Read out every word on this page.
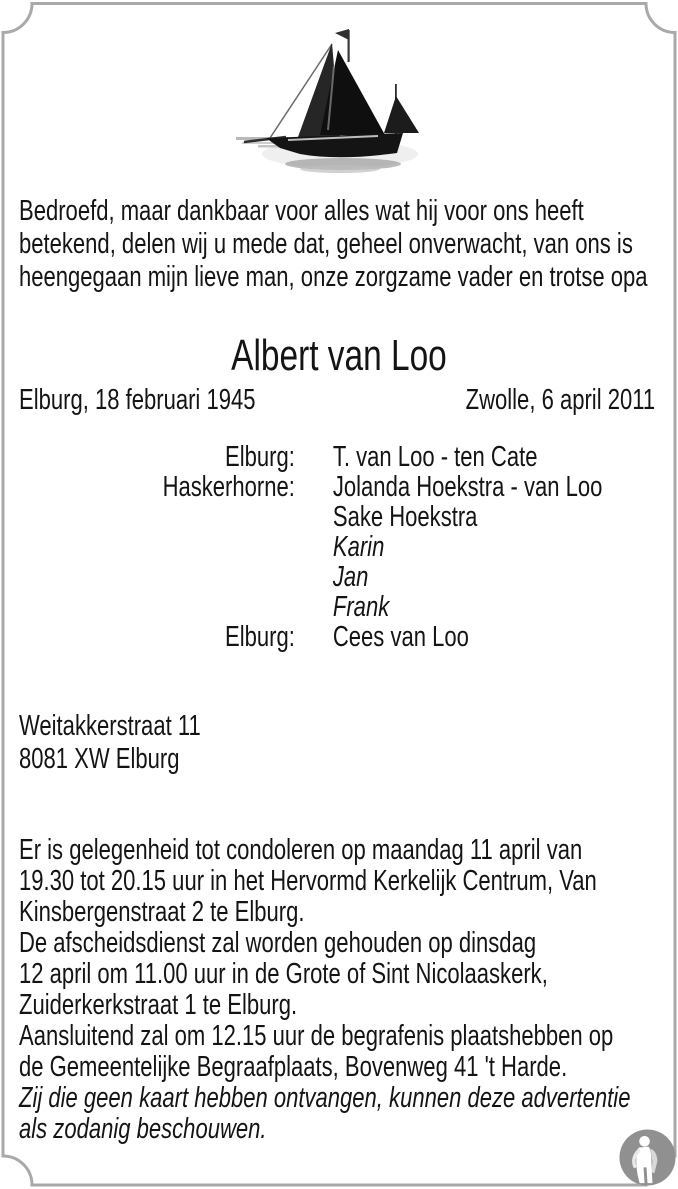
Bedroefd, maar dankbaar voor alles wat hij voor ons heeft
betekend, delen wij u mede dat, geheel onverwacht, van ons is
heengegaan mijn lieve man, onze zorgzame vader en trotse opa
Albert van Loo
Elburg, 18 februari 1945	Zwolle, 6 april 2011
Elburg: T. van Loo - ten Cate
Haskerhorne: Jolanda Hoekstra - van Loo
Sake Hoekstra
Karin
Jan
Frank
Elburg: Cees van Loo
Weitakkerstraat 11
8081 XW Elburg
Er is gelegenheid tot condoleren op maandag 11 april van
19.30 tot 20.15 uur in het Hervormd Kerkelijk Centrum, Van
Kinsbergenstraat 2 te Elburg.
De afscheidsdienst zal worden gehouden op dinsdag
12 april om 11.00 uur in de Grote of Sint Nicolaaskerk,
Zuiderkerkstraat 1 te Elburg.
Aansluitend zal om 12.15 uur de begrafenis plaatshebben op
de Gemeentelijke Begraafplaats, Bovenweg 41 't Harde.
Zij die geen kaart hebben ontvangen, kunnen deze advertentie
als zodanig beschouwen.
